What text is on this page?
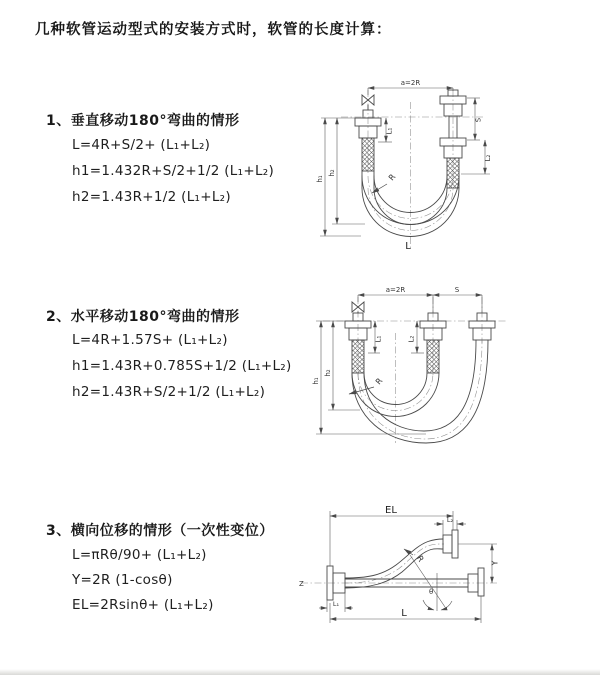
几种软管运动型式的安装方式时，软管的长度计算：
1、垂直移动180°弯曲的情形
L=4R+S/2+ (L₁+L₂)
h1=1.432R+S/2+1/2 (L₁+L₂)
h2=1.43R+1/2 (L₁+L₂)
2、水平移动180°弯曲的情形
L=4R+1.57S+ (L₁+L₂)
h1=1.43R+0.785S+1/2 (L₁+L₂)
h2=1.43R+S/2+1/2 (L₁+L₂)
3、横向位移的情形（一次性变位）
L=πRθ/90+ (L₁+L₂)
Y=2R (1-cosθ)
EL=2Rsinθ+ (L₁+L₂)
a=2R
S
L₂
h₁
h₂
L₁
R
L
a=2R	S
h₁
h₂
L₁	L₂
R
Z
θ
EL
L₂
Y
L₁
L
R
